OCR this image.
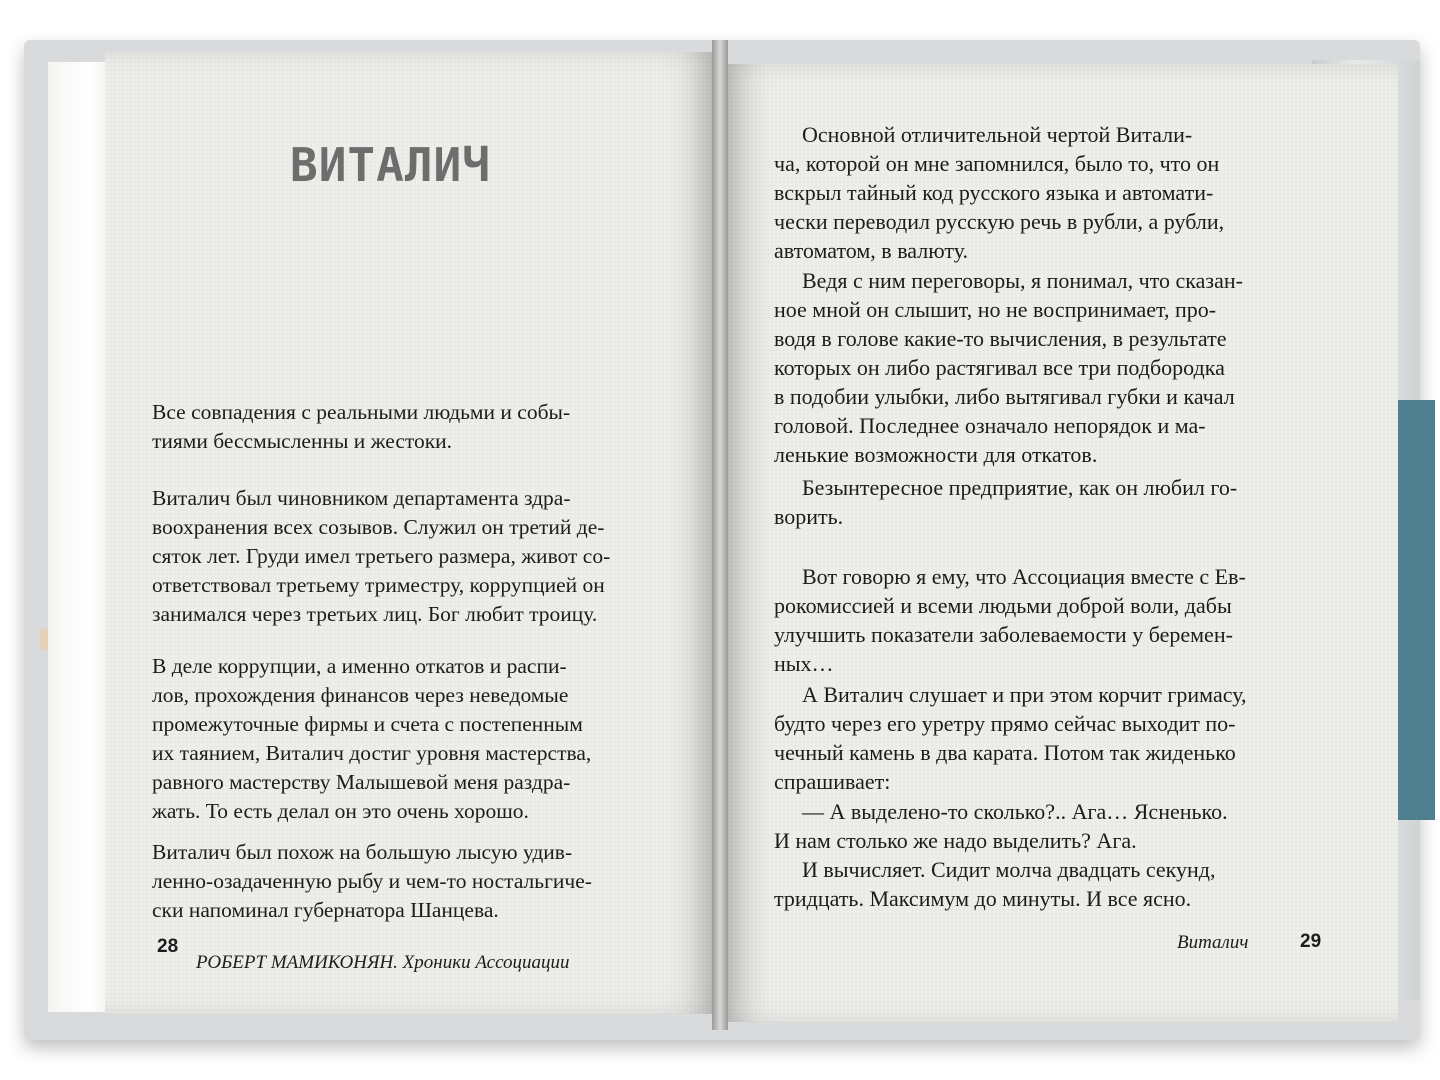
ВИТАЛИЧ

Все совпадения с реальными людьми и собы-
тиями бессмысленны и жестоки.

Виталич был чиновником департамента здра-
воохранения всех созывов. Служил он третий де-
сяток лет. Груди имел третьего размера, живот со-
ответствовал третьему триместру, коррупцией он
занимался через третьих лиц. Бог любит троицу.

В деле коррупции, а именно откатов и распи-
лов, прохождения финансов через неведомые
промежуточные фирмы и счета с постепенным
их таянием, Виталич достиг уровня мастерства,
равного мастерству Малышевой меня раздра-
жать. То есть делал он это очень хорошо.

Виталич был похож на большую лысую удив-
ленно-озадаченную рыбу и чем-то ностальгиче-
ски напоминал губернатора Шанцева.

28
РОБЕРТ МАМИКОНЯН. Хроники Ассоциации

Основной отличительной чертой Витали-
ча, которой он мне запомнился, было то, что он
вскрыл тайный код русского языка и автомати-
чески переводил русскую речь в рубли, а рубли,
автоматом, в валюту.

Ведя с ним переговоры, я понимал, что сказан-
ное мной он слышит, но не воспринимает, про-
водя в голове какие-то вычисления, в результате
которых он либо растягивал все три подбородка
в подобии улыбки, либо вытягивал губки и качал
головой. Последнее означало непорядок и ма-
ленькие возможности для откатов.

Безынтересное предприятие, как он любил го-
ворить.

Вот говорю я ему, что Ассоциация вместе с Ев-
рокомиссией и всеми людьми доброй воли, дабы
улучшить показатели заболеваемости у беремен-
ных…

А Виталич слушает и при этом корчит гримасу,
будто через его уретру прямо сейчас выходит по-
чечный камень в два карата. Потом так жиденько
спрашивает:

— А выделено-то сколько?.. Ага… Ясненько.
И нам столько же надо выделить? Ага.

И вычисляет. Сидит молча двадцать секунд,
тридцать. Максимум до минуты. И все ясно.

Виталич	29
